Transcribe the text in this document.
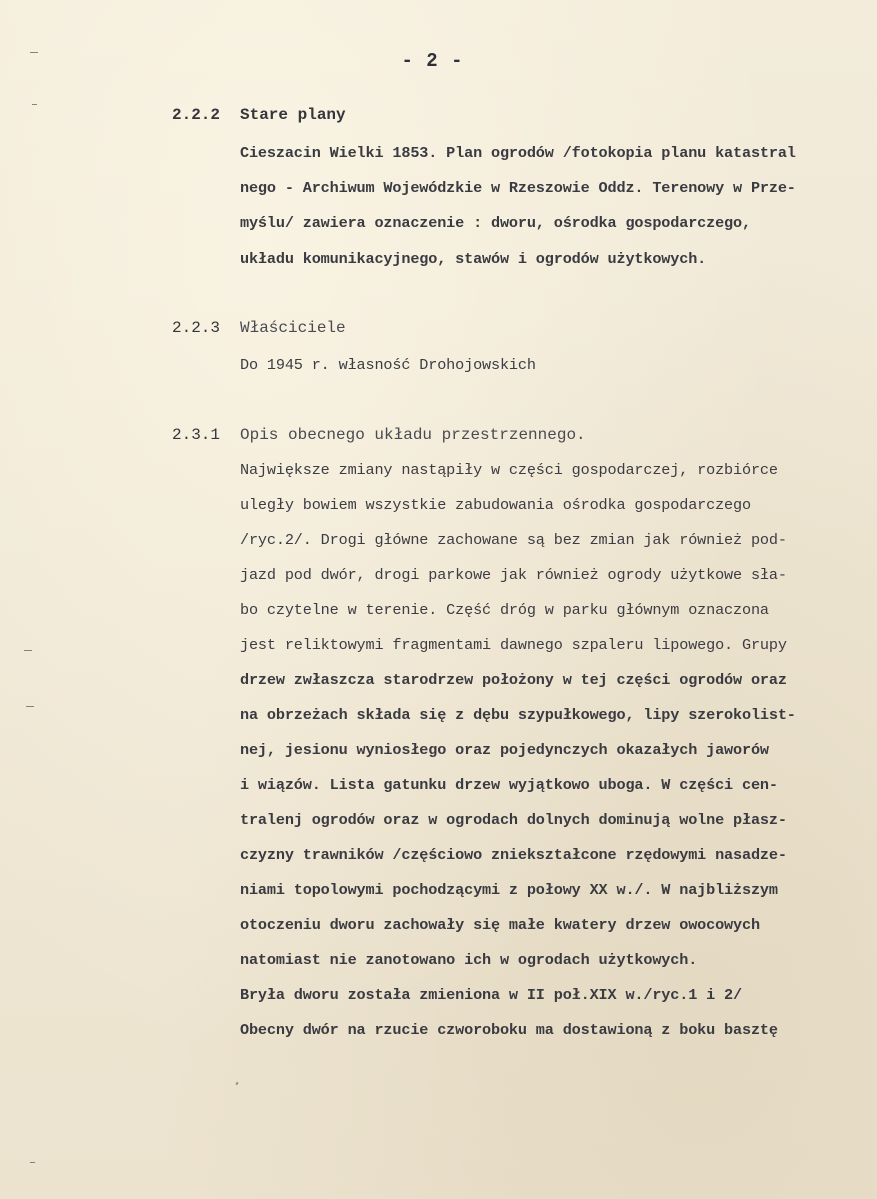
- 2 -
2.2.2 Stare plany
Cieszacin Wielki 1853. Plan ogrodów /fotokopia planu katastral
nego - Archiwum Wojewódzkie w Rzeszowie Oddz. Terenowy w Prze-
myślu/ zawiera oznaczenie : dworu, ośrodka gospodarczego,
układu komunikacyjnego, stawów i ogrodów użytkowych.
2.2.3 Właściciele
Do 1945 r. własność Drohojowskich
2.3.1 Opis obecnego układu przestrzennego.
Największe zmiany nastąpiły w części gospodarczej, rozbiórce
uległy bowiem wszystkie zabudowania ośrodka gospodarczego
/ryc.2/. Drogi główne zachowane są bez zmian jak również pod-
jazd pod dwór, drogi parkowe jak również ogrody użytkowe sła-
bo czytelne w terenie. Część dróg w parku głównym oznaczona
jest reliktowymi fragmentami dawnego szpaleru lipowego. Grupy
drzew zwłaszcza starodrzew położony w tej części ogrodów oraz
na obrzeżach składa się z dębu szypułkowego, lipy szerokolist-
nej, jesionu wyniosłego oraz pojedynczych okazałych jaworów
i wiązów. Lista gatunku drzew wyjątkowo uboga. W części cen-
tralenj ogrodów oraz w ogrodach dolnych dominują wolne płasz-
czyzny trawników /częściowo zniekształcone rzędowymi nasadze-
niami topolowymi pochodzącymi z połowy XX w./. W najbliższym
otoczeniu dworu zachowały się małe kwatery drzew owocowych
natomiast nie zanotowano ich w ogrodach użytkowych.
Bryła dworu została zmieniona w II poł.XIX w./ryc.1 i 2/
Obecny dwór na rzucie czworoboku ma dostawioną z boku basztę
